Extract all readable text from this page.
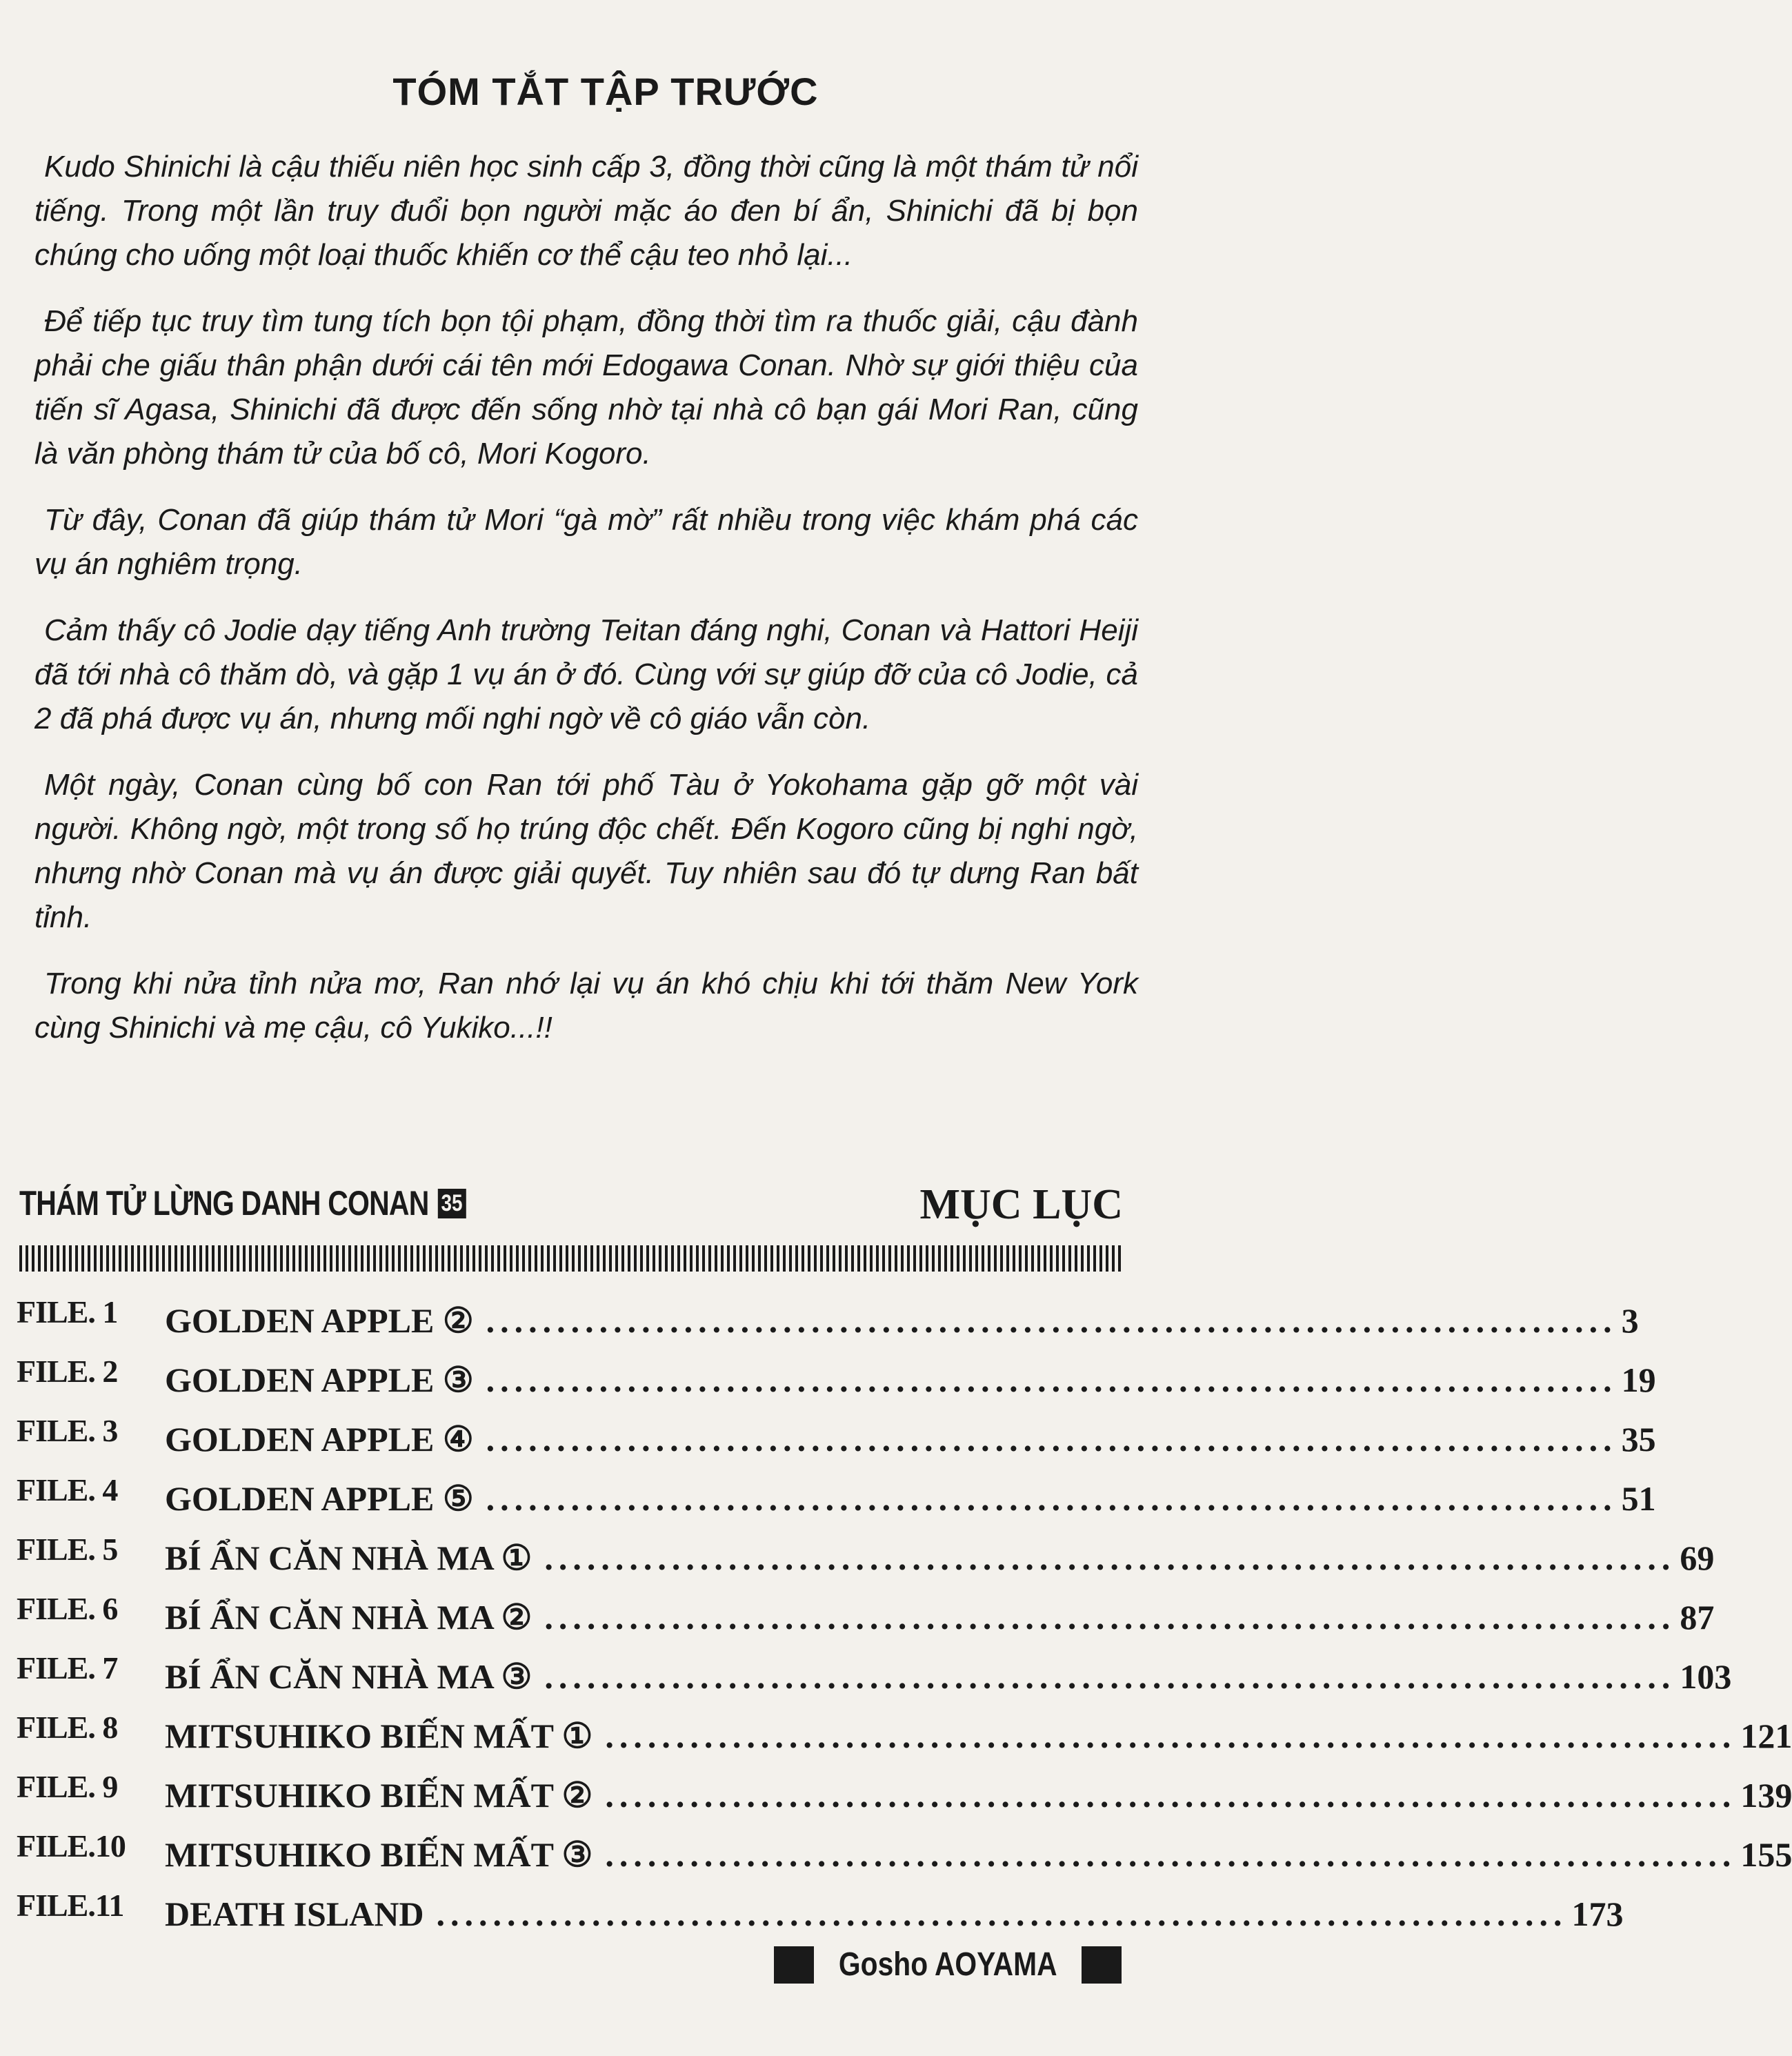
TÓM TẮT TẬP TRƯỚC

Kudo Shinichi là cậu thiếu niên học sinh cấp 3, đồng thời cũng là một thám tử nổi tiếng. Trong một lần truy đuổi bọn người mặc áo đen bí ẩn, Shinichi đã bị bọn chúng cho uống một loại thuốc khiến cơ thể cậu teo nhỏ lại...

Để tiếp tục truy tìm tung tích bọn tội phạm, đồng thời tìm ra thuốc giải, cậu đành phải che giấu thân phận dưới cái tên mới Edogawa Conan. Nhờ sự giới thiệu của tiến sĩ Agasa, Shinichi đã được đến sống nhờ tại nhà cô bạn gái Mori Ran, cũng là văn phòng thám tử của bố cô, Mori Kogoro.

Từ đây, Conan đã giúp thám tử Mori “gà mờ” rất nhiều trong việc khám phá các vụ án nghiêm trọng.

Cảm thấy cô Jodie dạy tiếng Anh trường Teitan đáng nghi, Conan và Hattori Heiji đã tới nhà cô thăm dò, và gặp 1 vụ án ở đó. Cùng với sự giúp đỡ của cô Jodie, cả 2 đã phá được vụ án, nhưng mối nghi ngờ về cô giáo vẫn còn.

Một ngày, Conan cùng bố con Ran tới phố Tàu ở Yokohama gặp gỡ một vài người. Không ngờ, một trong số họ trúng độc chết. Đến Kogoro cũng bị nghi ngờ, nhưng nhờ Conan mà vụ án được giải quyết. Tuy nhiên sau đó tự dưng Ran bất tỉnh.

Trong khi nửa tỉnh nửa mơ, Ran nhớ lại vụ án khó chịu khi tới thăm New York cùng Shinichi và mẹ cậu, cô Yukiko...!!

THÁM TỬ LỪNG DANH CONAN 35	MỤC LỤC
FILE. 1 GOLDEN APPLE ② ................................................................................ 3
FILE. 2 GOLDEN APPLE ③ ................................................................................ 19
FILE. 3 GOLDEN APPLE ④ ................................................................................ 35
FILE. 4 GOLDEN APPLE ⑤ ................................................................................ 51
FILE. 5 BÍ ẨN CĂN NHÀ MA ① ................................................................................ 69
FILE. 6 BÍ ẨN CĂN NHÀ MA ② ................................................................................ 87
FILE. 7 BÍ ẨN CĂN NHÀ MA ③ ................................................................................ 103
FILE. 8 MITSUHIKO BIẾN MẤT ① ................................................................................ 121
FILE. 9 MITSUHIKO BIẾN MẤT ② ................................................................................ 139
FILE.10 MITSUHIKO BIẾN MẤT ③ ................................................................................ 155
FILE.11 DEATH ISLAND ................................................................................ 173
Gosho AOYAMA
